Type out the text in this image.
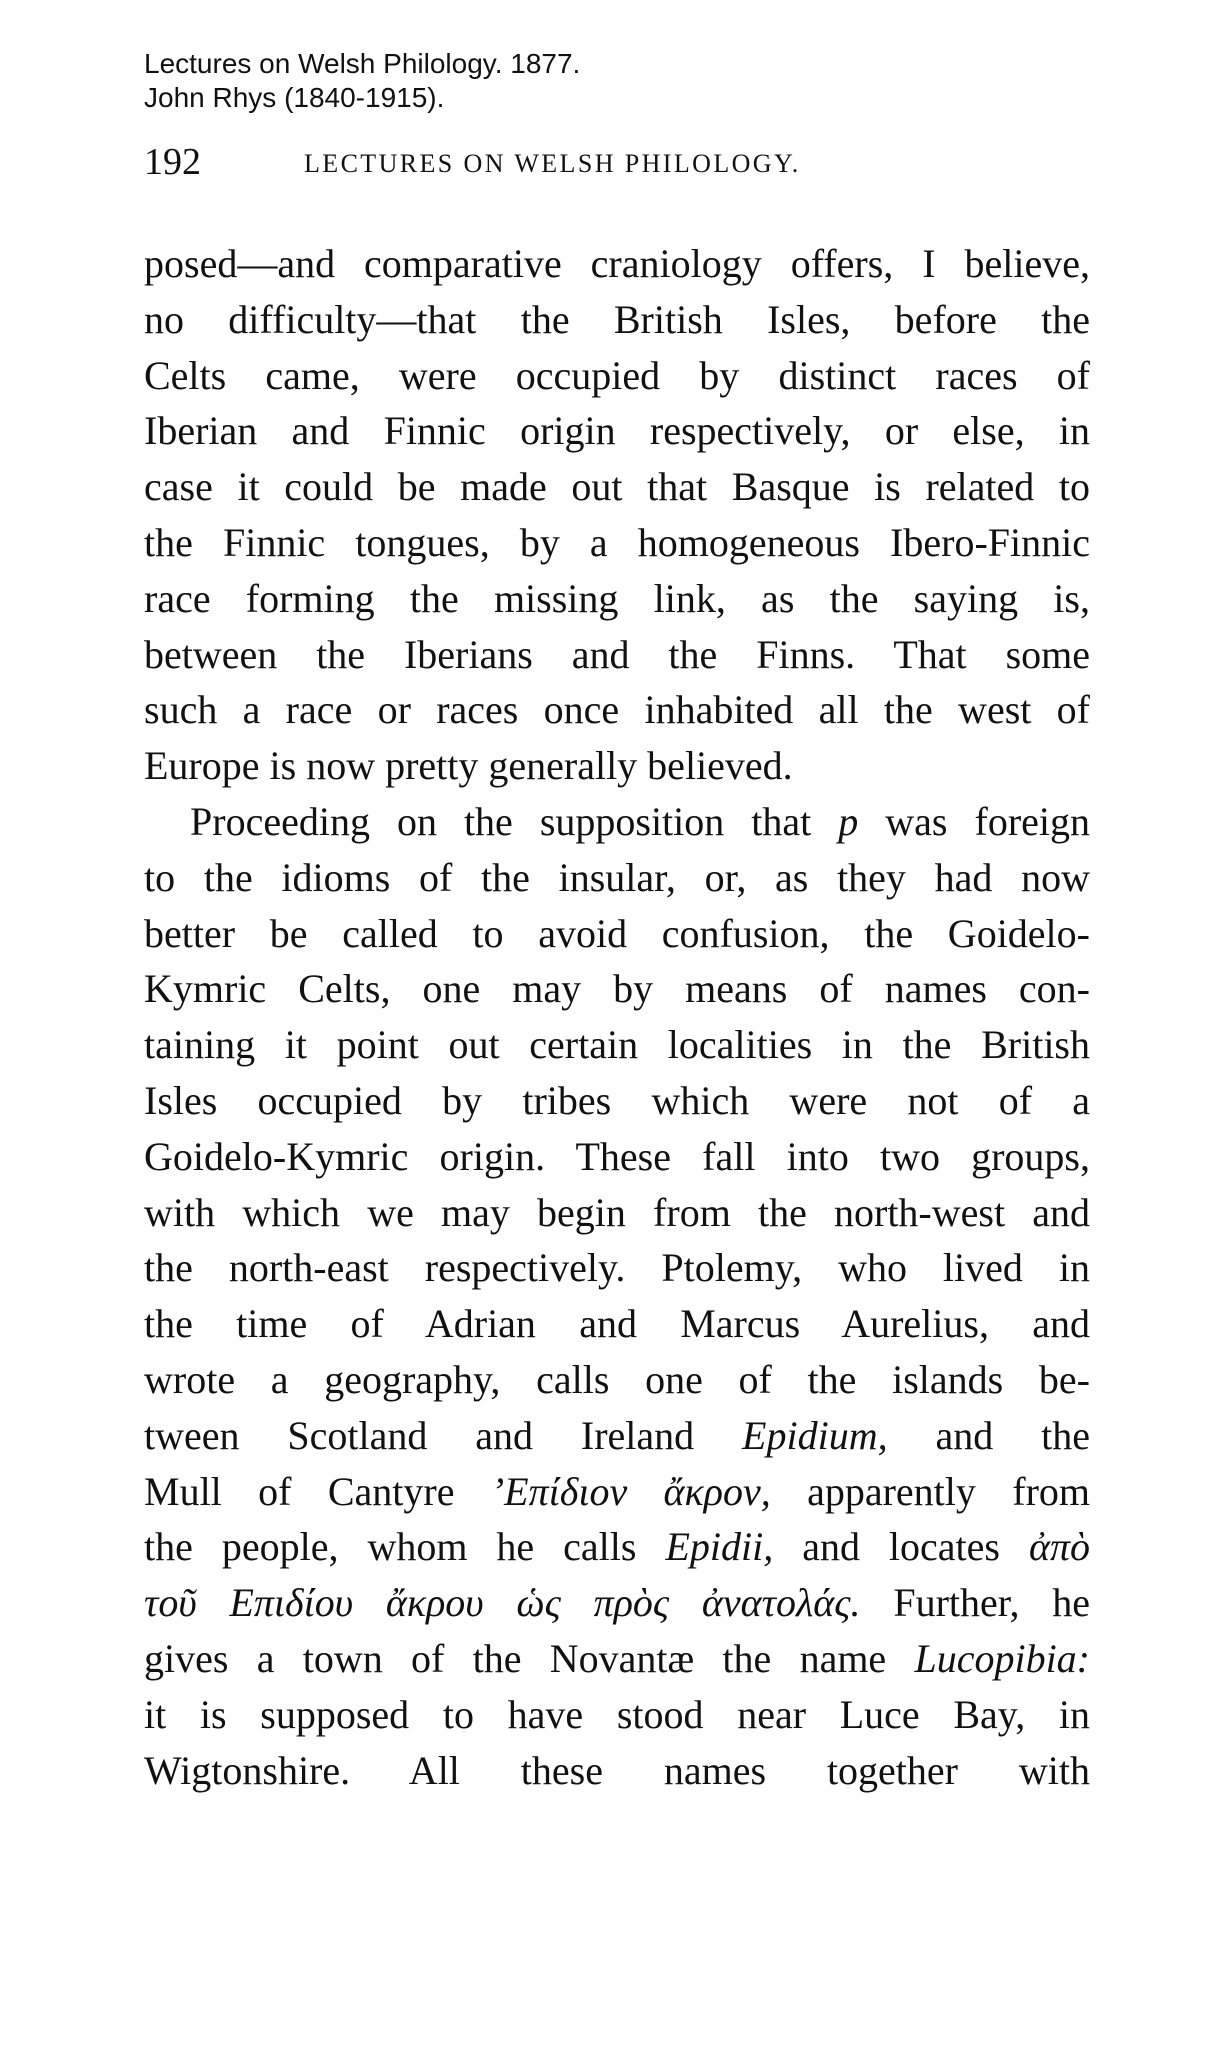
Lectures on Welsh Philology. 1877.
John Rhys (1840-1915).
192	LECTURES ON WELSH PHILOLOGY.
posed—and comparative craniology offers, I believe,
no difficulty—that the British Isles, before the
Celts came, were occupied by distinct races of
Iberian and Finnic origin respectively, or else, in
case it could be made out that Basque is related to
the Finnic tongues, by a homogeneous Ibero-Finnic
race forming the missing link, as the saying is,
between the Iberians and the Finns. That some
such a race or races once inhabited all the west of
Europe is now pretty generally believed.
Proceeding on the supposition that p was foreign
to the idioms of the insular, or, as they had now
better be called to avoid confusion, the Goidelo-
Kymric Celts, one may by means of names con-
taining it point out certain localities in the British
Isles occupied by tribes which were not of a
Goidelo-Kymric origin. These fall into two groups,
with which we may begin from the north-west and
the north-east respectively. Ptolemy, who lived in
the time of Adrian and Marcus Aurelius, and
wrote a geography, calls one of the islands be-
tween Scotland and Ireland Epidium, and the
Mull of Cantyre ’Επίδιον ἄκρον, apparently from
the people, whom he calls Epidii, and locates ἀπὸ
τοῦ Επιδίου ἄκρου ὡς πρὸς ἀνατολάς. Further, he
gives a town of the Novantæ the name Lucopibia:
it is supposed to have stood near Luce Bay, in
Wigtonshire. All these names together with
